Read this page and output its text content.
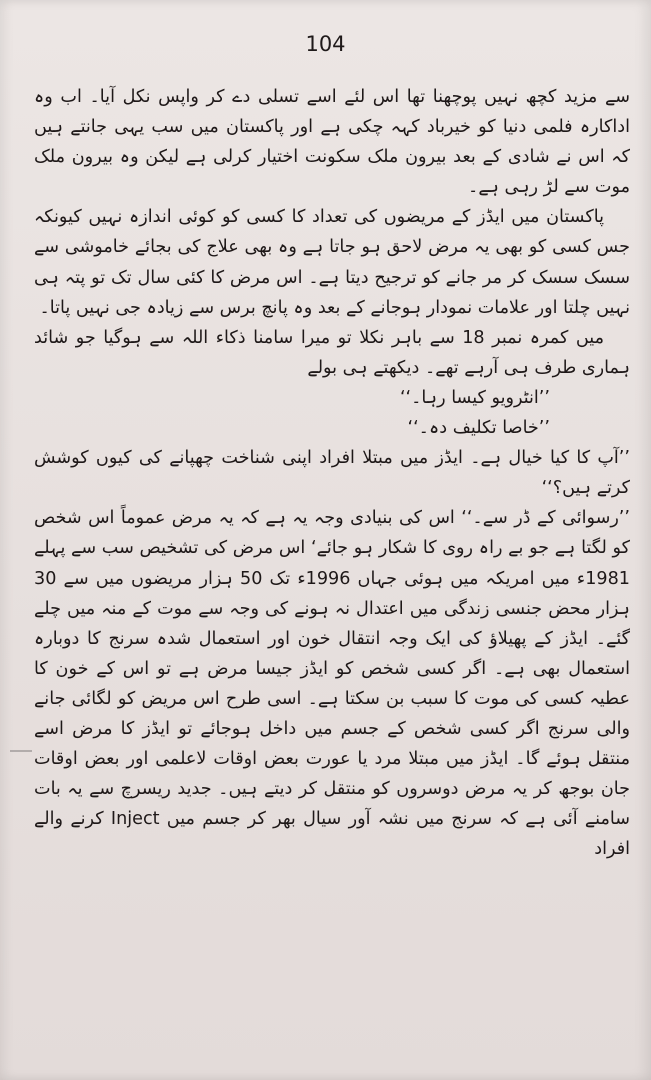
104

سے مزید کچھ نہیں پوچھنا تھا اس لئے اسے تسلی دے کر واپس نکل آیا۔ اب وہ اداکارہ فلمی دنیا کو خیرباد کہہ چکی ہے اور پاکستان میں سب یہی جانتے ہیں کہ اس نے شادی کے بعد بیرون ملک سکونت اختیار کرلی ہے لیکن وہ بیرون ملک موت سے لڑ رہی ہے۔

پاکستان میں ایڈز کے مریضوں کی تعداد کا کسی کو کوئی اندازہ نہیں کیونکہ جس کسی کو بھی یہ مرض لاحق ہو جاتا ہے وہ بھی علاج کی بجائے خاموشی سے سسک سسک کر مر جانے کو ترجیح دیتا ہے۔ اس مرض کا کئی سال تک تو پتہ ہی نہیں چلتا اور علامات نمودار ہوجانے کے بعد وہ پانچ برس سے زیادہ جی نہیں پاتا۔

میں کمرہ نمبر 18 سے باہر نکلا تو میرا سامنا ذکاء اللہ سے ہوگیا جو شائد ہماری طرف ہی آرہے تھے۔ دیکھتے ہی بولے

’’انٹرویو کیسا رہا۔‘‘

’’خاصا تکلیف دہ۔‘‘

’’آپ کا کیا خیال ہے۔ ایڈز میں مبتلا افراد اپنی شناخت چھپانے کی کیوں کوشش کرتے ہیں؟‘‘

’’رسوائی کے ڈر سے۔‘‘ اس کی بنیادی وجہ یہ ہے کہ یہ مرض عموماً اس شخص کو لگتا ہے جو بے راہ روی کا شکار ہو جائے‘ اس مرض کی تشخیص سب سے پہلے 1981ء میں امریکہ میں ہوئی جہاں 1996ء تک 50 ہزار مریضوں میں سے 30 ہزار محض جنسی زندگی میں اعتدال نہ ہونے کی وجہ سے موت کے منہ میں چلے گئے۔ ایڈز کے پھیلاؤ کی ایک وجہ انتقال خون اور استعمال شدہ سرنج کا دوبارہ استعمال بھی ہے۔ اگر کسی شخص کو ایڈز جیسا مرض ہے تو اس کے خون کا عطیہ کسی کی موت کا سبب بن سکتا ہے۔ اسی طرح اس مریض کو لگائی جانے والی سرنج اگر کسی شخص کے جسم میں داخل ہوجائے تو ایڈز کا مرض اسے منتقل ہوئے گا۔ ایڈز میں مبتلا مرد یا عورت بعض اوقات لاعلمی اور بعض اوقات جان بوجھ کر یہ مرض دوسروں کو منتقل کر دیتے ہیں۔ جدید ریسرچ سے یہ بات سامنے آئی ہے کہ سرنج میں نشہ آور سیال بھر کر جسم میں Inject کرنے والے افراد
